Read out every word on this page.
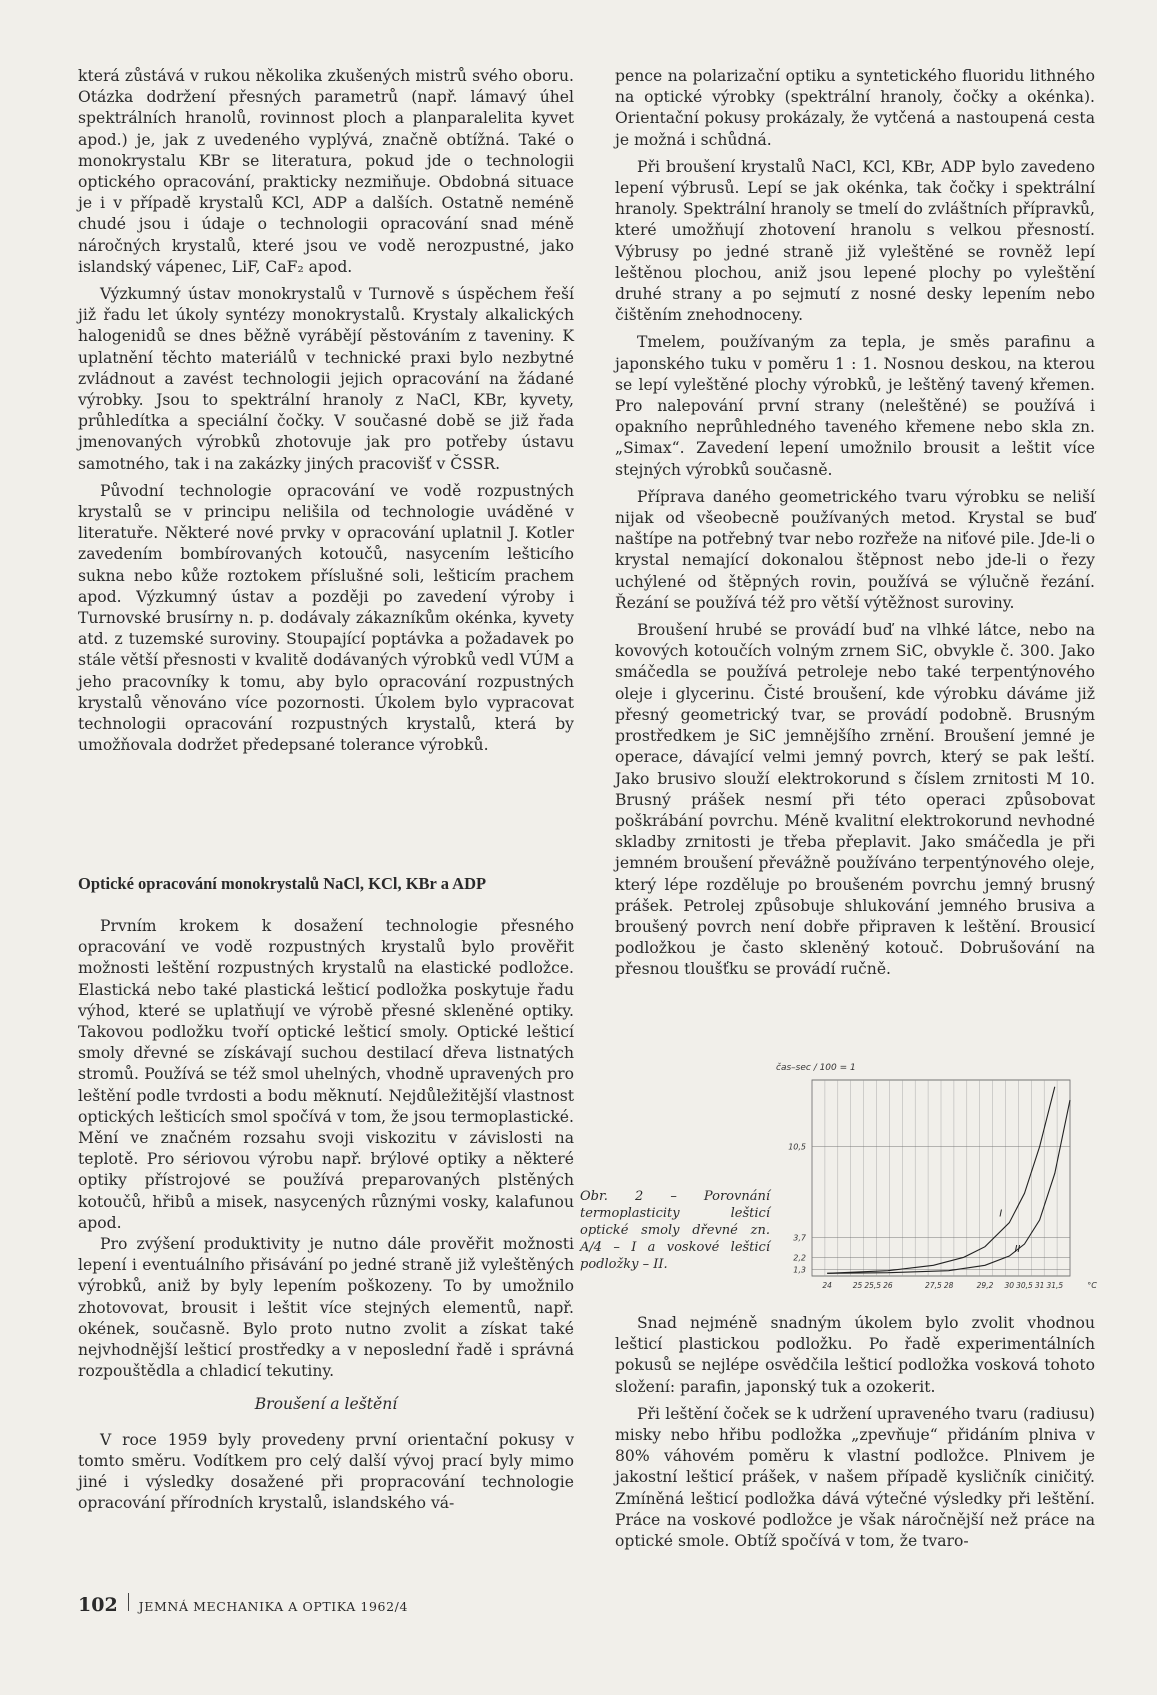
která zůstává v rukou několika zkušených mistrů svého oboru. Otázka dodržení přesných parametrů (např. lámavý úhel spektrálních hranolů, rovinnost ploch a planparalelita kyvet apod.) je, jak z uvedeného vyplývá, značně obtížná. Také o monokrystalu KBr se literatura, pokud jde o technologii optického opracování, prakticky nezmiňuje. Obdobná situace je i v případě krystalů KCl, ADP a dalších. Ostatně neméně chudé jsou i údaje o technologii opracování snad méně náročných krystalů, které jsou ve vodě nerozpustné, jako islandský vápenec, LiF, CaF₂ apod.

Výzkumný ústav monokrystalů v Turnově s úspěchem řeší již řadu let úkoly syntézy monokrystalů. Krystaly alkalických halogenidů se dnes běžně vyrábějí pěstováním z taveniny. K uplatnění těchto materiálů v technické praxi bylo nezbytné zvládnout a zavést technologii jejich opracování na žádané výrobky. Jsou to spektrální hranoly z NaCl, KBr, kyvety, průhledítka a speciální čočky. V současné době se již řada jmenovaných výrobků zhotovuje jak pro potřeby ústavu samotného, tak i na zakázky jiných pracovišť v ČSSR.

Původní technologie opracování ve vodě rozpustných krystalů se v principu nelišila od technologie uváděné v literatuře. Některé nové prvky v opracování uplatnil J. Kotler zavedením bombírovaných kotoučů, nasycením lešticího sukna nebo kůže roztokem příslušné soli, lešticím prachem apod. Výzkumný ústav a později po zavedení výroby i Turnovské brusírny n. p. dodávaly zákazníkům okénka, kyvety atd. z tuzemské suroviny. Stoupající poptávka a požadavek po stále větší přesnosti v kvalitě dodávaných výrobků vedl VÚM a jeho pracovníky k tomu, aby bylo opracování rozpustných krystalů věnováno více pozornosti. Úkolem bylo vypracovat technologii opracování rozpustných krystalů, která by umožňovala dodržet předepsané tolerance výrobků.

Optické opracování monokrystalů NaCl, KCl, KBr a ADP

Prvním krokem k dosažení technologie přesného opracování ve vodě rozpustných krystalů bylo prověřit možnosti leštění rozpustných krystalů na elastické podložce. Elastická nebo také plastická lešticí podložka poskytuje řadu výhod, které se uplatňují ve výrobě přesné skleněné optiky. Takovou podložku tvoří optické lešticí smoly. Optické lešticí smoly dřevné se získávají suchou destilací dřeva listnatých stromů. Používá se též smol uhelných, vhodně upravených pro leštění podle tvrdosti a bodu měknutí. Nejdůležitější vlastnost optických lešticích smol spočívá v tom, že jsou termoplastické. Mění ve značném rozsahu svoji viskozitu v závislosti na teplotě. Pro sériovou výrobu např. brýlové optiky a některé optiky přístrojové se používá preparovaných plstěných kotoučů, hřibů a misek, nasycených různými vosky, kalafunou apod.

Pro zvýšení produktivity je nutno dále prověřit možnosti lepení i eventuálního přisávání po jedné straně již vyleštěných výrobků, aniž by byly lepením poškozeny. To by umožnilo zhotovovat, brousit i leštit více stejných elementů, např. okének, současně. Bylo proto nutno zvolit a získat také nejvhodnější lešticí prostředky a v neposlední řadě i správná rozpouštědla a chladicí tekutiny.

Broušení a leštění

V roce 1959 byly provedeny první orientační pokusy v tomto směru. Vodítkem pro celý další vývoj prací byly mimo jiné i výsledky dosažené při propracování technologie opracování přírodních krystalů, islandského vá-

pence na polarizační optiku a syntetického fluoridu lithného na optické výrobky (spektrální hranoly, čočky a okénka). Orientační pokusy prokázaly, že vytčená a nastoupená cesta je možná i schůdná.

Při broušení krystalů NaCl, KCl, KBr, ADP bylo zavedeno lepení výbrusů. Lepí se jak okénka, tak čočky i spektrální hranoly. Spektrální hranoly se tmelí do zvláštních přípravků, které umožňují zhotovení hranolu s velkou přesností. Výbrusy po jedné straně již vyleštěné se rovněž lepí leštěnou plochou, aniž jsou lepené plochy po vyleštění druhé strany a po sejmutí z nosné desky lepením nebo čištěním znehodnoceny.

Tmelem, používaným za tepla, je směs parafinu a japonského tuku v poměru 1 : 1. Nosnou deskou, na kterou se lepí vyleštěné plochy výrobků, je leštěný tavený křemen. Pro nalepování první strany (neleštěné) se používá i opakního neprůhledného taveného křemene nebo skla zn. „Simax“. Zavedení lepení umožnilo brousit a leštit více stejných výrobků současně.

Příprava daného geometrického tvaru výrobku se neliší nijak od všeobecně používaných metod. Krystal se buď naštípe na potřebný tvar nebo rozřeže na niťové pile. Jde-li o krystal nemající dokonalou štěpnost nebo jde-li o řezy uchýlené od štěpných rovin, používá se výlučně řezání. Řezání se používá též pro větší výtěžnost suroviny.

Broušení hrubé se provádí buď na vlhké látce, nebo na kovových kotoučích volným zrnem SiC, obvykle č. 300. Jako smáčedla se používá petroleje nebo také terpentýnového oleje i glycerinu. Čisté broušení, kde výrobku dáváme již přesný geometrický tvar, se provádí podobně. Brusným prostředkem je SiC jemnějšího zrnění. Broušení jemné je operace, dávající velmi jemný povrch, který se pak leští. Jako brusivo slouží elektrokorund s číslem zrnitosti M 10. Brusný prášek nesmí při této operaci způsobovat poškrábání povrchu. Méně kvalitní elektrokorund nevhodné skladby zrnitosti je třeba přeplavit. Jako smáčedla je při jemném broušení převážně používáno terpentýnového oleje, který lépe rozděluje po broušeném povrchu jemný brusný prášek. Petrolej způsobuje shlukování jemného brusiva a broušený povrch není dobře připraven k leštění. Brousicí podložkou je často skleněný kotouč. Dobrušování na přesnou tloušťku se provádí ručně.

Obr. 2 – Porovnání termoplasticity lešticí optické smoly dřevné zn. A/4 – I a voskové lešticí podložky – II.
čas–sec / 100 = 1
1,3
2,2
3,7
10,5
24	25 25,5 26	27,5 28	29,2 30 30,5 31 31,5	°C
I
II

Snad nejméně snadným úkolem bylo zvolit vhodnou lešticí plastickou podložku. Po řadě experimentálních pokusů se nejlépe osvědčila lešticí podložka vosková tohoto složení: parafin, japonský tuk a ozokerit.

Při leštění čoček se k udržení upraveného tvaru (radiusu) misky nebo hřibu podložka „zpevňuje“ přidáním plniva v 80% váhovém poměru k vlastní podložce. Plnivem je jakostní lešticí prášek, v našem případě kysličník ciničitý. Zmíněná lešticí podložka dává výtečné výsledky při leštění. Práce na voskové podložce je však náročnější než práce na optické smole. Obtíž spočívá v tom, že tvaro-

102 JEMNÁ MECHANIKA A OPTIKA 1962/4
